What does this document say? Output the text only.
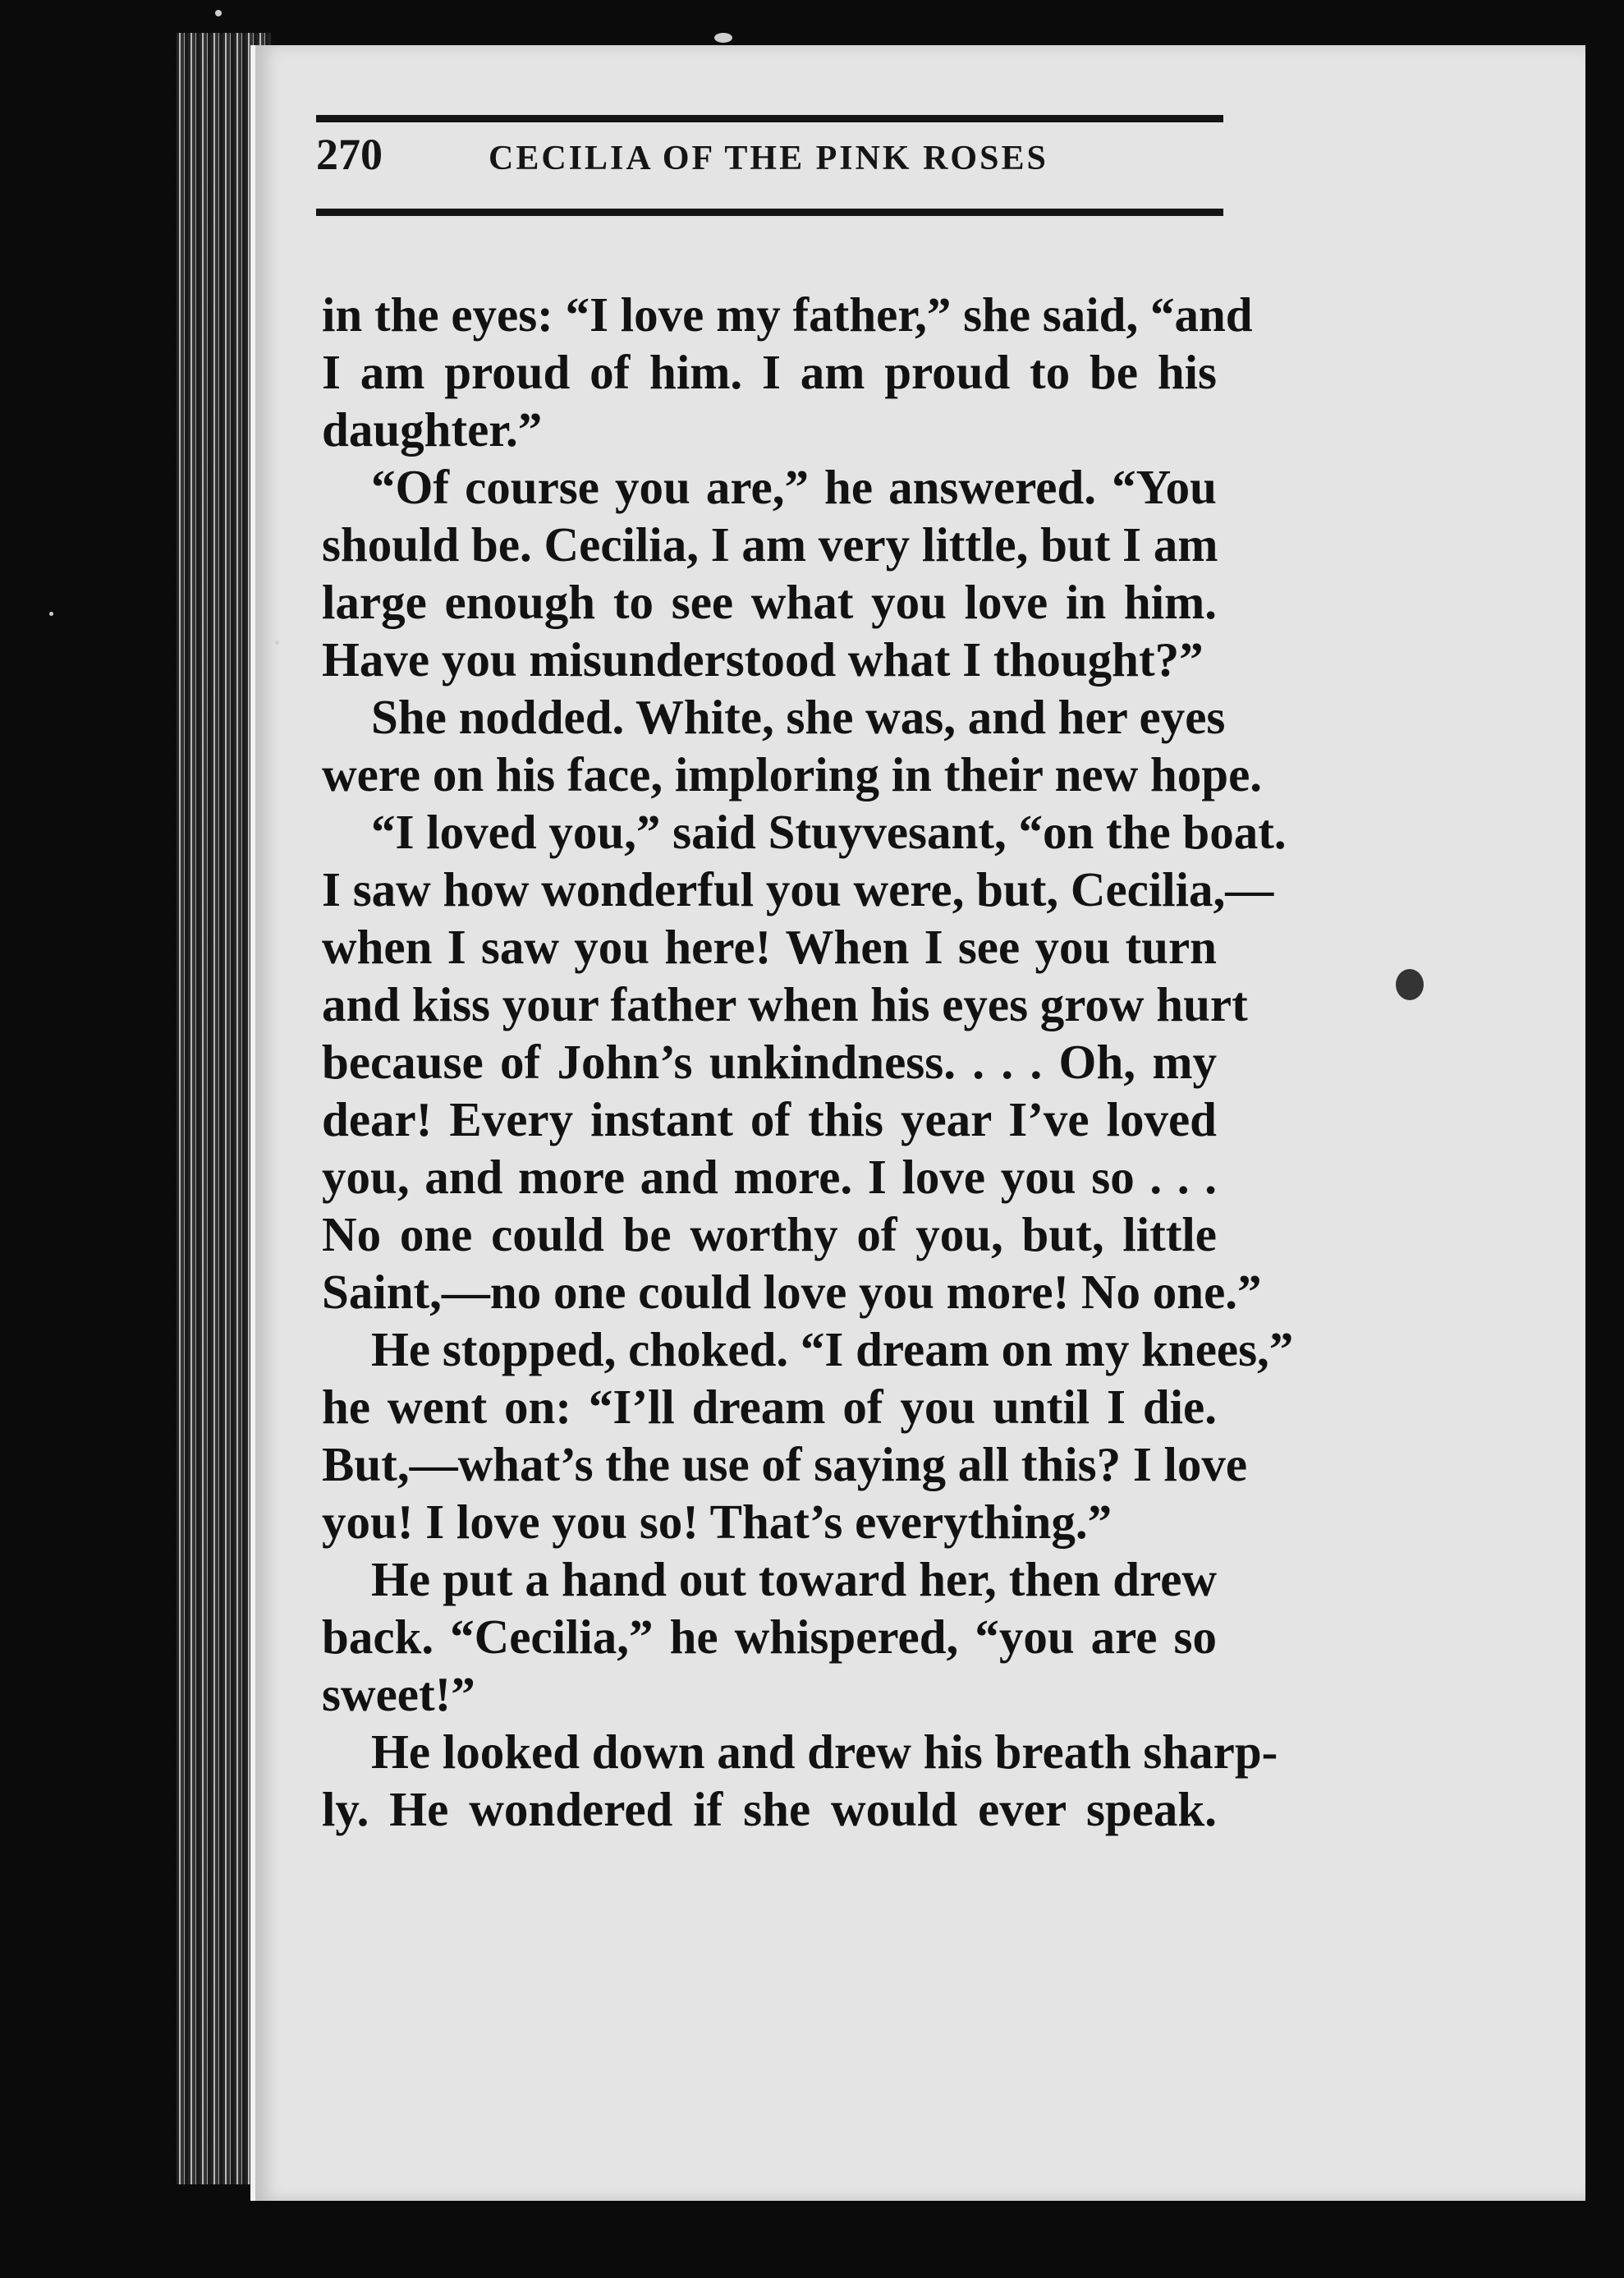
270	CECILIA OF THE PINK ROSES
in the eyes: “I love my father,” she said, “and
I am proud of him. I am proud to be his
daughter.”
“Of course you are,” he answered. “You
should be. Cecilia, I am very little, but I am
large enough to see what you love in him.
Have you misunderstood what I thought?”
She nodded. White, she was, and her eyes
were on his face, imploring in their new hope.
“I loved you,” said Stuyvesant, “on the boat.
I saw how wonderful you were, but, Cecilia,—
when I saw you here! When I see you turn
and kiss your father when his eyes grow hurt
because of John’s unkindness. . . . Oh, my
dear! Every instant of this year I’ve loved
you, and more and more. I love you so . . .
No one could be worthy of you, but, little
Saint,—no one could love you more! No one.”
He stopped, choked. “I dream on my knees,”
he went on: “I’ll dream of you until I die.
But,—what’s the use of saying all this? I love
you! I love you so! That’s everything.”
He put a hand out toward her, then drew
back. “Cecilia,” he whispered, “you are so
sweet!”
He looked down and drew his breath sharp-
ly. He wondered if she would ever speak.
